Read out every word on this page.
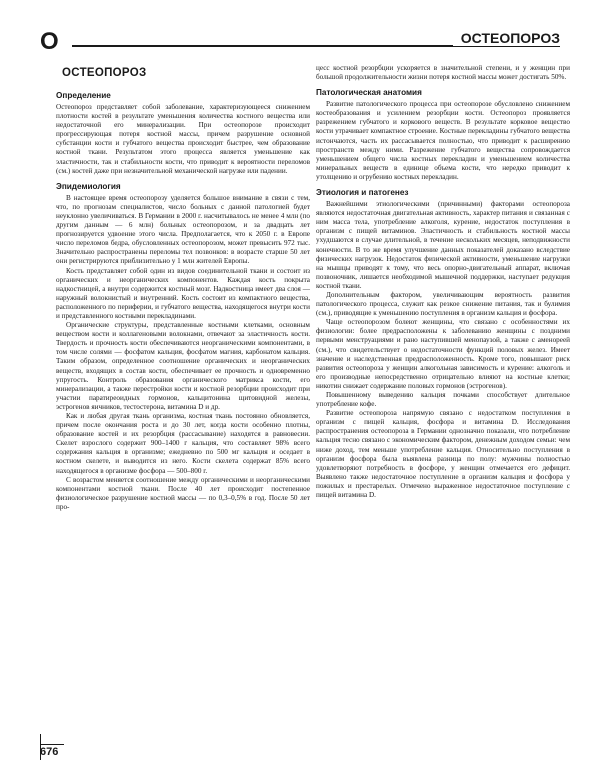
O	ОСТЕОПОРОЗ
ОСТЕОПОРОЗ
Определение

Остеопороз представляет собой заболевание, характеризующееся снижением плотности костей в результате уменьшения количества костного вещества или недостаточной его минерализации. При остеопорозе происходит прогрессирующая потеря костной массы, причем разрушение основной субстанции кости и губчатого вещества происходит быстрее, чем образование костной ткани. Результатом этого процесса является уменьшение как эластичности, так и стабильности кости, что приводит к вероятности переломов (см.) костей даже при незначительной механической нагрузке или падении.

Эпидемиология

В настоящее время остеопорозу уделяется большое внимание в связи с тем, что, по прогнозам специалистов, число больных с данной патологией будет неуклонно увеличиваться. В Германии в 2000 г. насчитывалось не менее 4 млн (по другим данным — 6 млн) больных остеопорозом, и за двадцать лет прогнозируется удвоение этого числа. Предполагается, что к 2050 г. в Европе число переломов бедра, обусловленных остеопорозом, может превысить 972 тыс. Значительно распространены переломы тел позвонков: в возрасте старше 50 лет они регистрируются приблизительно у 1 млн жителей Европы.

Кость представляет собой один из видов соединительной ткани и состоит из органических и неорганических компонентов. Каждая кость покрыта надкостницей, а внутри содержится костный мозг. Надкостница имеет два слоя — наружный волокнистый и внутренний. Кость состоит из компактного вещества, расположенного по периферии, и губчатого вещества, находящегося внутри кости и представленного костными перекладинами.

Органические структуры, представленные костными клетками, основным веществом кости и коллагеновыми волокнами, отвечают за эластичность кости. Твердость и прочность кости обеспечиваются неорганическими компонентами, в том числе солями — фосфатом кальция, фосфатом магния, карбонатом кальция. Таким образом, определенное соотношение органических и неорганических веществ, входящих в состав кости, обеспечивает ее прочность и одновременно упругость. Контроль образования органического матрикса кости, его минерализации, а также перестройки кости и костной резорбции происходит при участии паратиреоидных гормонов, кальцитонина щитовидной железы, эстрогенов яичников, тестостерона, витамина D и др.

Как и любая другая ткань организма, костная ткань постоянно обновляется, причем после окончания роста и до 30 лет, когда кости особенно плотны, образование костей и их резорбция (рассасывание) находятся в равновесии. Скелет взрослого содержит 900–1400 г кальция, что составляет 98% всего содержания кальция в организме; ежедневно по 500 мг кальция и оседает в костном скелете, и выводится из него. Кости скелета содержат 85% всего находящегося в организме фосфора — 500–800 г.

С возрастом меняется соотношение между органическими и неорганическими компонентами костной ткани. После 40 лет происходит постепенное физиологическое разрушение костной массы — по 0,3–0,5% в год. После 50 лет про-

цесс костной резорбции ускоряется в значительной степени, и у женщин при большой продолжительности жизни потеря костной массы может достигать 50%.

Патологическая анатомия

Развитие патологического процесса при остеопорозе обусловлено снижением костеобразования и усилением резорбции кости. Остеопороз проявляется разрежением губчатого и коркового веществ. В результате корковое вещество кости утрачивает компактное строение. Костные перекладины губчатого вещества истончаются, часть их рассасывается полностью, что приводит к расширению пространств между ними. Разрежение губчатого вещества сопровождается уменьшением общего числа костных перекладин и уменьшением количества минеральных веществ в единице объема кости, что нередко приводит к утолщению и огрубению костных перекладин.

Этиология и патогенез

Важнейшими этиологическими (причинными) факторами остеопороза являются недостаточная двигательная активность, характер питания и связанная с ним масса тела, употребление алкоголя, курение, недостаток поступления в организм с пищей витаминов. Эластичность и стабильность костной массы ухудшаются в случае длительной, в течение нескольких месяцев, неподвижности конечности. В то же время улучшение данных показателей доказано вследствие физических нагрузок. Недостаток физической активности, уменьшение нагрузки на мышцы приводят к тому, что весь опорно-двигательный аппарат, включая позвоночник, лишается необходимой мышечной поддержки, наступает редукция костной ткани.

Дополнительным фактором, увеличивающим вероятность развития патологического процесса, служит как резкое снижение питания, так и булимия (см.), приводящие к уменьшению поступления в организм кальция и фосфора.

Чаще остеопорозом болеют женщины, что связано с особенностями их физиологии: более предрасположены к заболеванию женщины с поздними первыми менструациями и рано наступившей менопаузой, а также с аменореей (см.), что свидетельствует о недостаточности функций половых желез. Имеет значение и наследственная предрасположенность. Кроме того, повышают риск развития остеопороза у женщин алкогольная зависимость и курение: алкоголь и его производные непосредственно отрицательно влияют на костные клетки; никотин снижает содержание половых гормонов (эстрогенов).

Повышенному выведению кальция почками способствует длительное употребление кофе.

Развитие остеопороза напрямую связано с недостатком поступления в организм с пищей кальция, фосфора и витамина D. Исследования распространения остеопороза в Германии однозначно показали, что потребление кальция тесно связано с экономическим фактором, денежным доходом семьи: чем ниже доход, тем меньше употребление кальция. Относительно поступления в организм фосфора была выявлена разница по полу: мужчины полностью удовлетворяют потребность в фосфоре, у женщин отмечается его дефицит. Выявлено также недостаточное поступление в организм кальция и фосфора у пожилых и престарелых. Отмечено выраженное недостаточное поступление с пищей витамина D.

676
